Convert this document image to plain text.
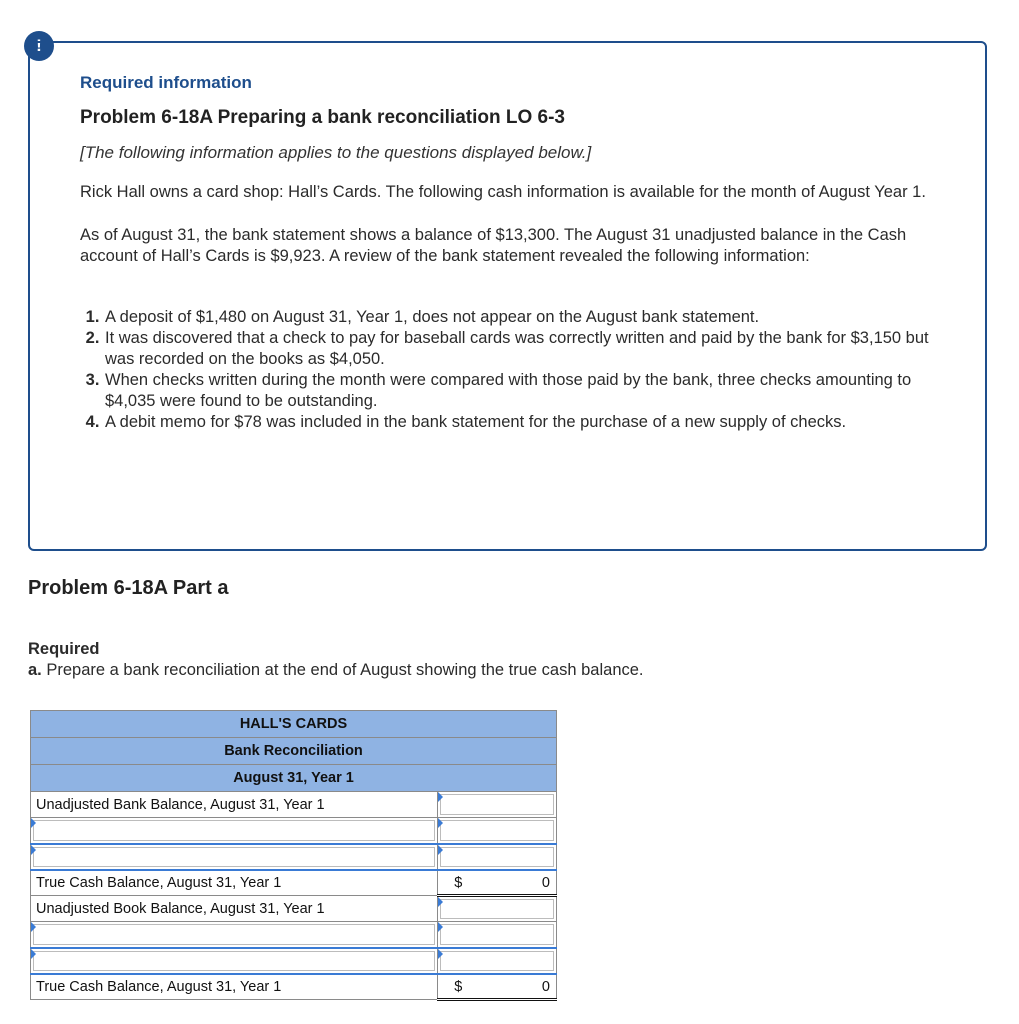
!

Required information

Problem 6-18A Preparing a bank reconciliation LO 6-3
[The following information applies to the questions displayed below.]
Rick Hall owns a card shop: Hall’s Cards. The following cash information is available for the month of August Year 1.
As of August 31, the bank statement shows a balance of $13,300. The August 31 unadjusted balance in the Cash account of Hall’s Cards is $9,923. A review of the bank statement revealed the following information:
1. A deposit of $1,480 on August 31, Year 1, does not appear on the August bank statement.
2. It was discovered that a check to pay for baseball cards was correctly written and paid by the bank for $3,150 but was recorded on the books as $4,050.
3. When checks written during the month were compared with those paid by the bank, three checks amounting to $4,035 were found to be outstanding.
4. A debit memo for $78 was included in the bank statement for the purchase of a new supply of checks.
Problem 6-18A Part a
Required
a. Prepare a bank reconciliation at the end of August showing the true cash balance.
HALL'S CARDS	
Bank Reconciliation	
August 31, Year 1	
Unadjusted Bank Balance, August 31, Year 1	

True Cash Balance, August 31, Year 1	$ 0

Unadjusted Book Balance, August 31, Year 1	

True Cash Balance, August 31, Year 1	$ 0
